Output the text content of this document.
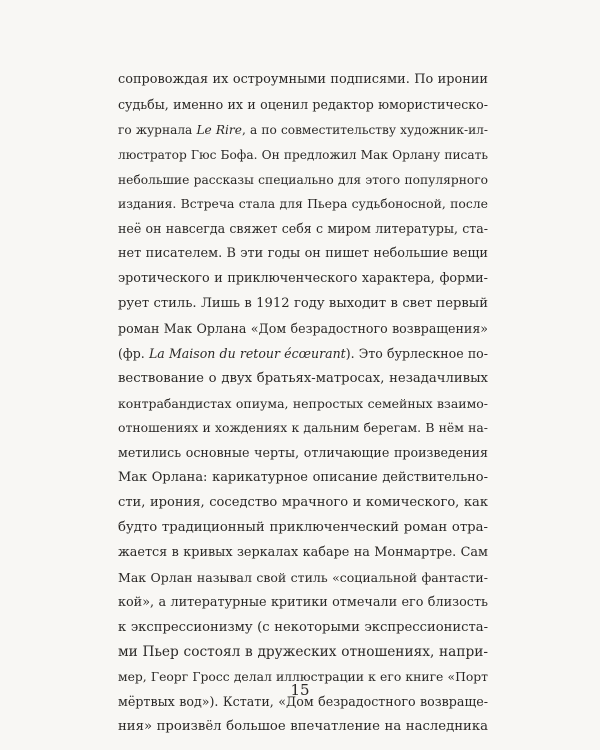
сопровождая их остроумными подписями. По иронии
судьбы, именно их и оценил редактор юмористическо-
го журнала Le Rire, а по совместительству художник-ил-
люстратор Гюс Бофа. Он предложил Мак Орлану писать
небольшие рассказы специально для этого популярного
издания. Встреча стала для Пьера судьбоносной, после
неё он навсегда свяжет себя с миром литературы, ста-
нет писателем. В эти годы он пишет небольшие вещи
эротического и приключенческого характера, форми-
рует стиль. Лишь в 1912 году выходит в свет первый
роман Мак Орлана «Дом безрадостного возвращения»
(фр. La Maison du retour écœurant). Это бурлескное по-
вествование о двух братьях-матросах, незадачливых
контрабандистах опиума, непростых семейных взаимо-
отношениях и хождениях к дальним берегам. В нём на-
метились основные черты, отличающие произведения
Мак Орлана: карикатурное описание действительно-
сти, ирония, соседство мрачного и комического, как
будто традиционный приключенческий роман отра-
жается в кривых зеркалах кабаре на Монмартре. Сам
Мак Орлан называл свой стиль «социальной фантасти-
кой», а литературные критики отмечали его близость
к экспрессионизму (с некоторыми экспрессиониста-
ми Пьер состоял в дружеских отношениях, напри-
мер, Георг Гросс делал иллюстрации к его книге «Порт
мёртвых вод»). Кстати, «Дом безрадостного возвраще-
ния» произвёл большое впечатление на наследника
15
